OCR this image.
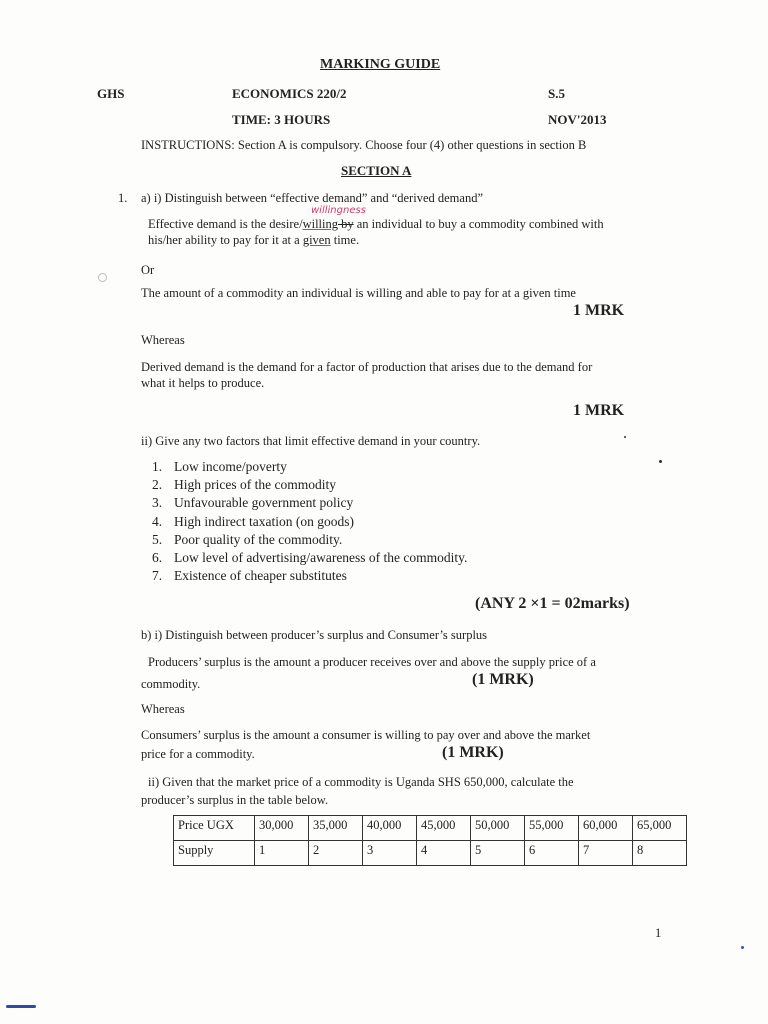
MARKING GUIDE
GHS	ECONOMICS 220/2	S.5
TIME: 3 HOURS	NOV'2013
INSTRUCTIONS: Section A is compulsory. Choose four (4) other questions in section B
SECTION A
1. a) i) Distinguish between “effective demand” and “derived demand”
willingness
Effective demand is the desire/willing by an individual to buy a commodity combined with
his/her ability to pay for it at a given time.
Or
The amount of a commodity an individual is willing and able to pay for at a given time
1 MRK
Whereas
Derived demand is the demand for a factor of production that arises due to the demand for
what it helps to produce.
1 MRK
ii) Give any two factors that limit effective demand in your country.
1. Low income/poverty
2. High prices of the commodity
3. Unfavourable government policy
4. High indirect taxation (on goods)
5. Poor quality of the commodity.
6. Low level of advertising/awareness of the commodity.
7. Existence of cheaper substitutes
(ANY 2 ×1 = 02marks)
b) i) Distinguish between producer’s surplus and Consumer’s surplus
Producers’ surplus is the amount a producer receives over and above the supply price of a
commodity.	(1 MRK)
Whereas
Consumers’ surplus is the amount a consumer is willing to pay over and above the market
price for a commodity.	(1 MRK)
ii) Given that the market price of a commodity is Uganda SHS 650,000, calculate the
producer’s surplus in the table below.
Price UGX	30,000	35,000	40,000	45,000	50,000	55,000	60,000	65,000
Supply	1	2	3	4	5	6	7	8
1
